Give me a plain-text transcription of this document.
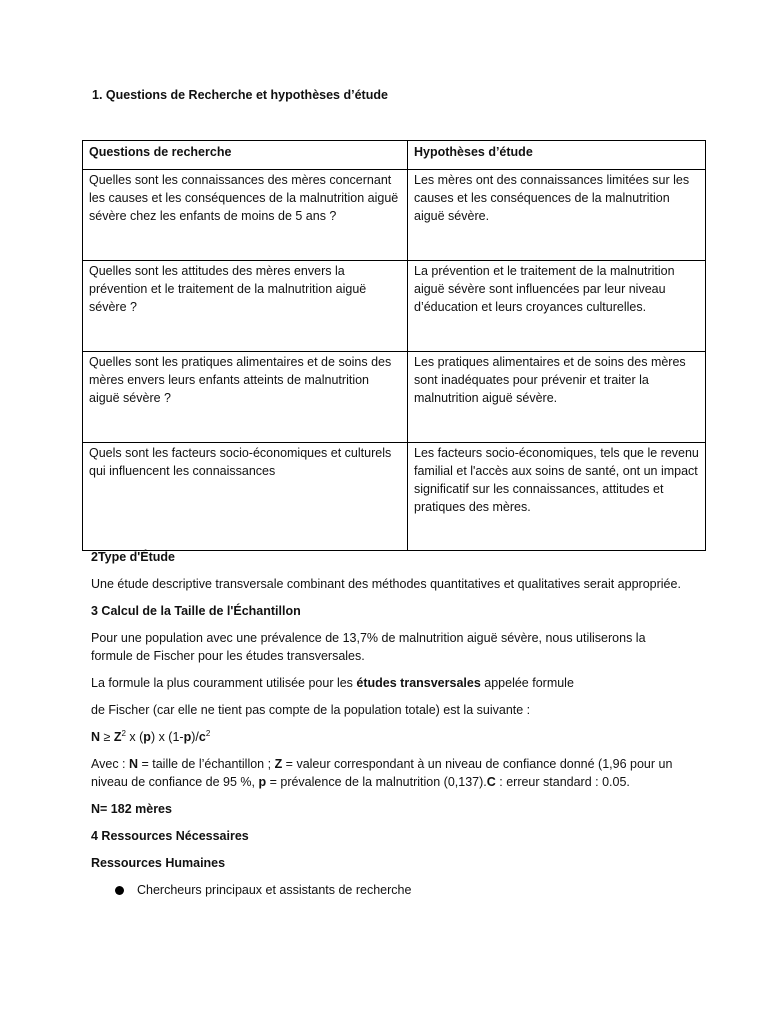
1. Questions de Recherche et hypothèses d’étude
Questions de recherche	Hypothèses d’étude
Quelles sont les connaissances des mères concernant les causes et les conséquences de la malnutrition aiguë sévère chez les enfants de moins de 5 ans ?	Les mères ont des connaissances limitées sur les causes et les conséquences de la malnutrition aiguë sévère.
Quelles sont les attitudes des mères envers la prévention et le traitement de la malnutrition aiguë sévère ?	La prévention et le traitement de la malnutrition aiguë sévère sont influencées par leur niveau d’éducation et leurs croyances culturelles.
Quelles sont les pratiques alimentaires et de soins des mères envers leurs enfants atteints de malnutrition aiguë sévère ?	Les pratiques alimentaires et de soins des mères sont inadéquates pour prévenir et traiter la malnutrition aiguë sévère.
Quels sont les facteurs socio-économiques et culturels qui influencent les connaissances	Les facteurs socio-économiques, tels que le revenu familial et l'accès aux soins de santé, ont un impact significatif sur les connaissances, attitudes et pratiques des mères.

2Type d'Étude

Une étude descriptive transversale combinant des méthodes quantitatives et qualitatives serait appropriée.

3 Calcul de la Taille de l'Échantillon

Pour une population avec une prévalence de 13,7% de malnutrition aiguë sévère, nous utiliserons la formule de Fischer pour les études transversales.

La formule la plus couramment utilisée pour les études transversales appelée formule

de Fischer (car elle ne tient pas compte de la population totale) est la suivante :

$N \ge Z^2$ x (p) x $(1-p)/c^2$

Avec : N = taille de l’échantillon ; Z = valeur correspondant à un niveau de confiance donné (1,96 pour un niveau de confiance de 95 %, p = prévalence de la malnutrition (0,137).C : erreur standard : 0.05.

N= 182 mères

4 Ressources Nécessaires

Ressources Humaines

Chercheurs principaux et assistants de recherche
